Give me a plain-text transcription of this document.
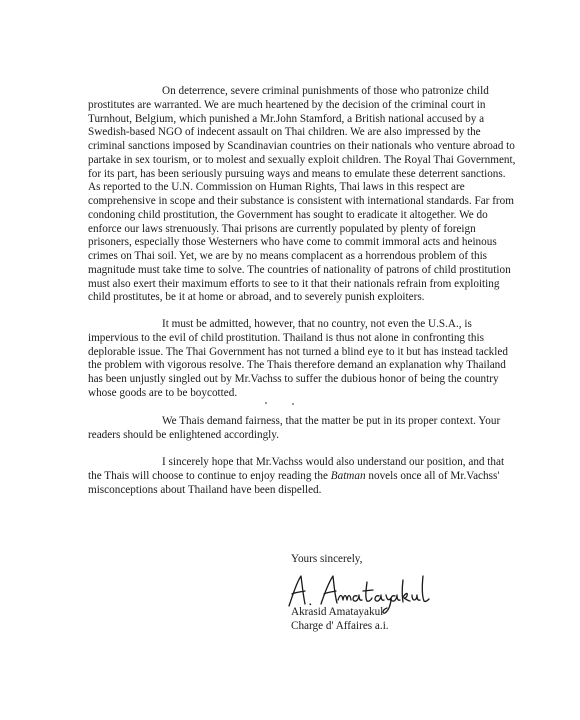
On deterrence, severe criminal punishments of those who patronize child prostitutes are warranted. We are much heartened by the decision of the criminal court in Turnhout, Belgium, which punished a Mr.John Stamford, a British national accused by a Swedish-based NGO of indecent assault on Thai children. We are also impressed by the criminal sanctions imposed by Scandinavian countries on their nationals who venture abroad to partake in sex tourism, or to molest and sexually exploit children. The Royal Thai Government, for its part, has been seriously pursuing ways and means to emulate these deterrent sanctions. As reported to the U.N. Commission on Human Rights, Thai laws in this respect are comprehensive in scope and their substance is consistent with international standards. Far from condoning child prostitution, the Government has sought to eradicate it altogether. We do enforce our laws strenuously. Thai prisons are currently populated by plenty of foreign prisoners, especially those Westerners who have come to commit immoral acts and heinous crimes on Thai soil. Yet, we are by no means complacent as a horrendous problem of this magnitude must take time to solve. The countries of nationality of patrons of child prostitution must also exert their maximum efforts to see to it that their nationals refrain from exploiting child prostitutes, be it at home or abroad, and to severely punish exploiters.

It must be admitted, however, that no country, not even the U.S.A., is impervious to the evil of child prostitution. Thailand is thus not alone in confronting this deplorable issue. The Thai Government has not turned a blind eye to it but has instead tackled the problem with vigorous resolve. The Thais therefore demand an explanation why Thailand has been unjustly singled out by Mr.Vachss to suffer the dubious honor of being the country whose goods are to be boycotted.

We Thais demand fairness, that the matter be put in its proper context. Your readers should be enlightened accordingly.

I sincerely hope that Mr.Vachss would also understand our position, and that the Thais will choose to continue to enjoy reading the Batman novels once all of Mr.Vachss' misconceptions about Thailand have been dispelled.

Yours sincerely,

Akrasid Amatayakul

Charge d' Affaires a.i.
